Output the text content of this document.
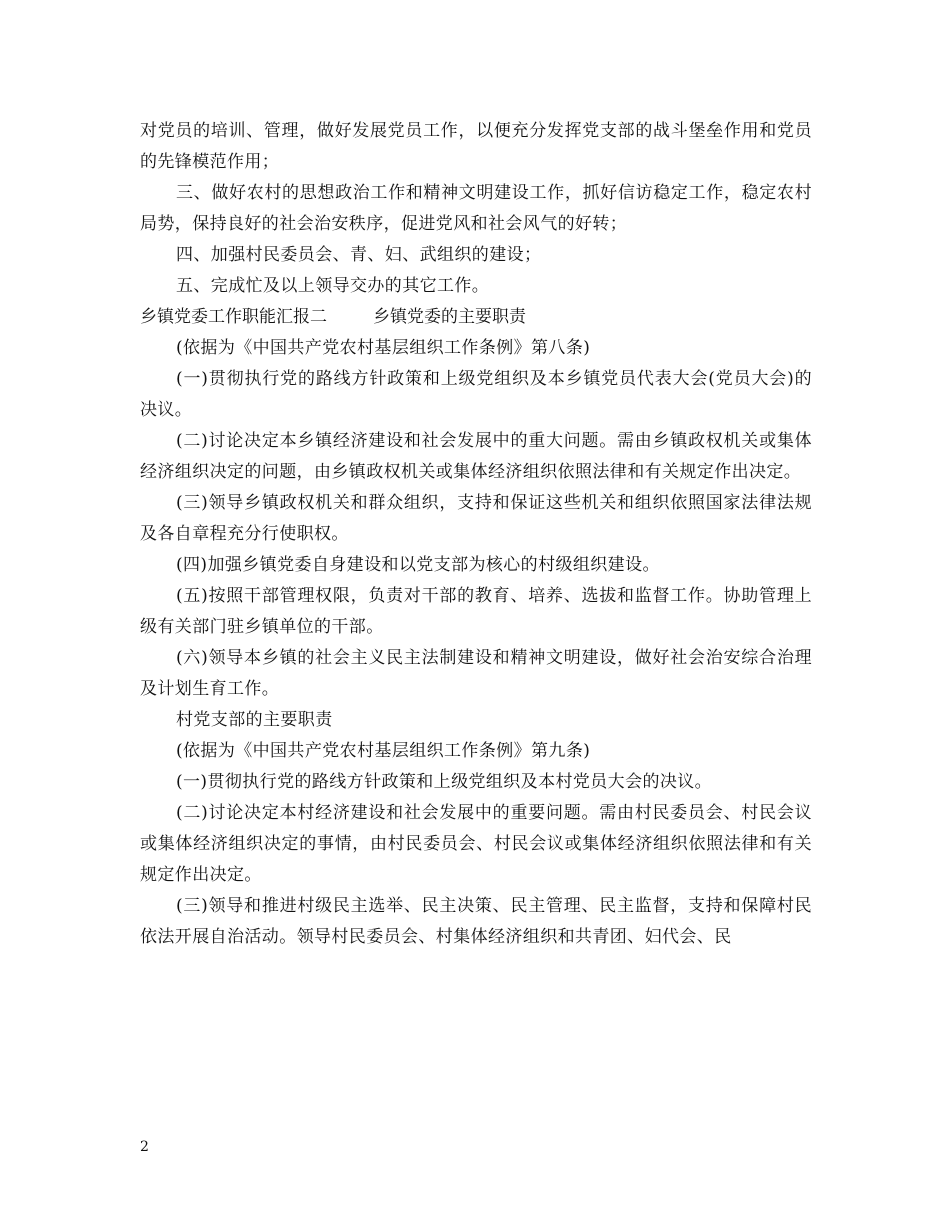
对党员的培训、管理，做好发展党员工作，以便充分发挥党支部的战斗堡垒作用和党员的先锋模范作用；

三、做好农村的思想政治工作和精神文明建设工作，抓好信访稳定工作，稳定农村局势，保持良好的社会治安秩序，促进党风和社会风气的好转；

四、加强村民委员会、青、妇、武组织的建设；

五、完成忙及以上领导交办的其它工作。

乡镇党委工作职能汇报二	乡镇党委的主要职责

(依据为《中国共产党农村基层组织工作条例》第八条)

(一)贯彻执行党的路线方针政策和上级党组织及本乡镇党员代表大会(党员大会)的决议。

(二)讨论决定本乡镇经济建设和社会发展中的重大问题。需由乡镇政权机关或集体经济组织决定的问题，由乡镇政权机关或集体经济组织依照法律和有关规定作出决定。

(三)领导乡镇政权机关和群众组织，支持和保证这些机关和组织依照国家法律法规及各自章程充分行使职权。

(四)加强乡镇党委自身建设和以党支部为核心的村级组织建设。

(五)按照干部管理权限，负责对干部的教育、培养、选拔和监督工作。协助管理上级有关部门驻乡镇单位的干部。

(六)领导本乡镇的社会主义民主法制建设和精神文明建设，做好社会治安综合治理及计划生育工作。

村党支部的主要职责

(依据为《中国共产党农村基层组织工作条例》第九条)

(一)贯彻执行党的路线方针政策和上级党组织及本村党员大会的决议。

(二)讨论决定本村经济建设和社会发展中的重要问题。需由村民委员会、村民会议或集体经济组织决定的事情，由村民委员会、村民会议或集体经济组织依照法律和有关规定作出决定。

(三)领导和推进村级民主选举、民主决策、民主管理、民主监督，支持和保障村民依法开展自治活动。领导村民委员会、村集体经济组织和共青团、妇代会、民

2
